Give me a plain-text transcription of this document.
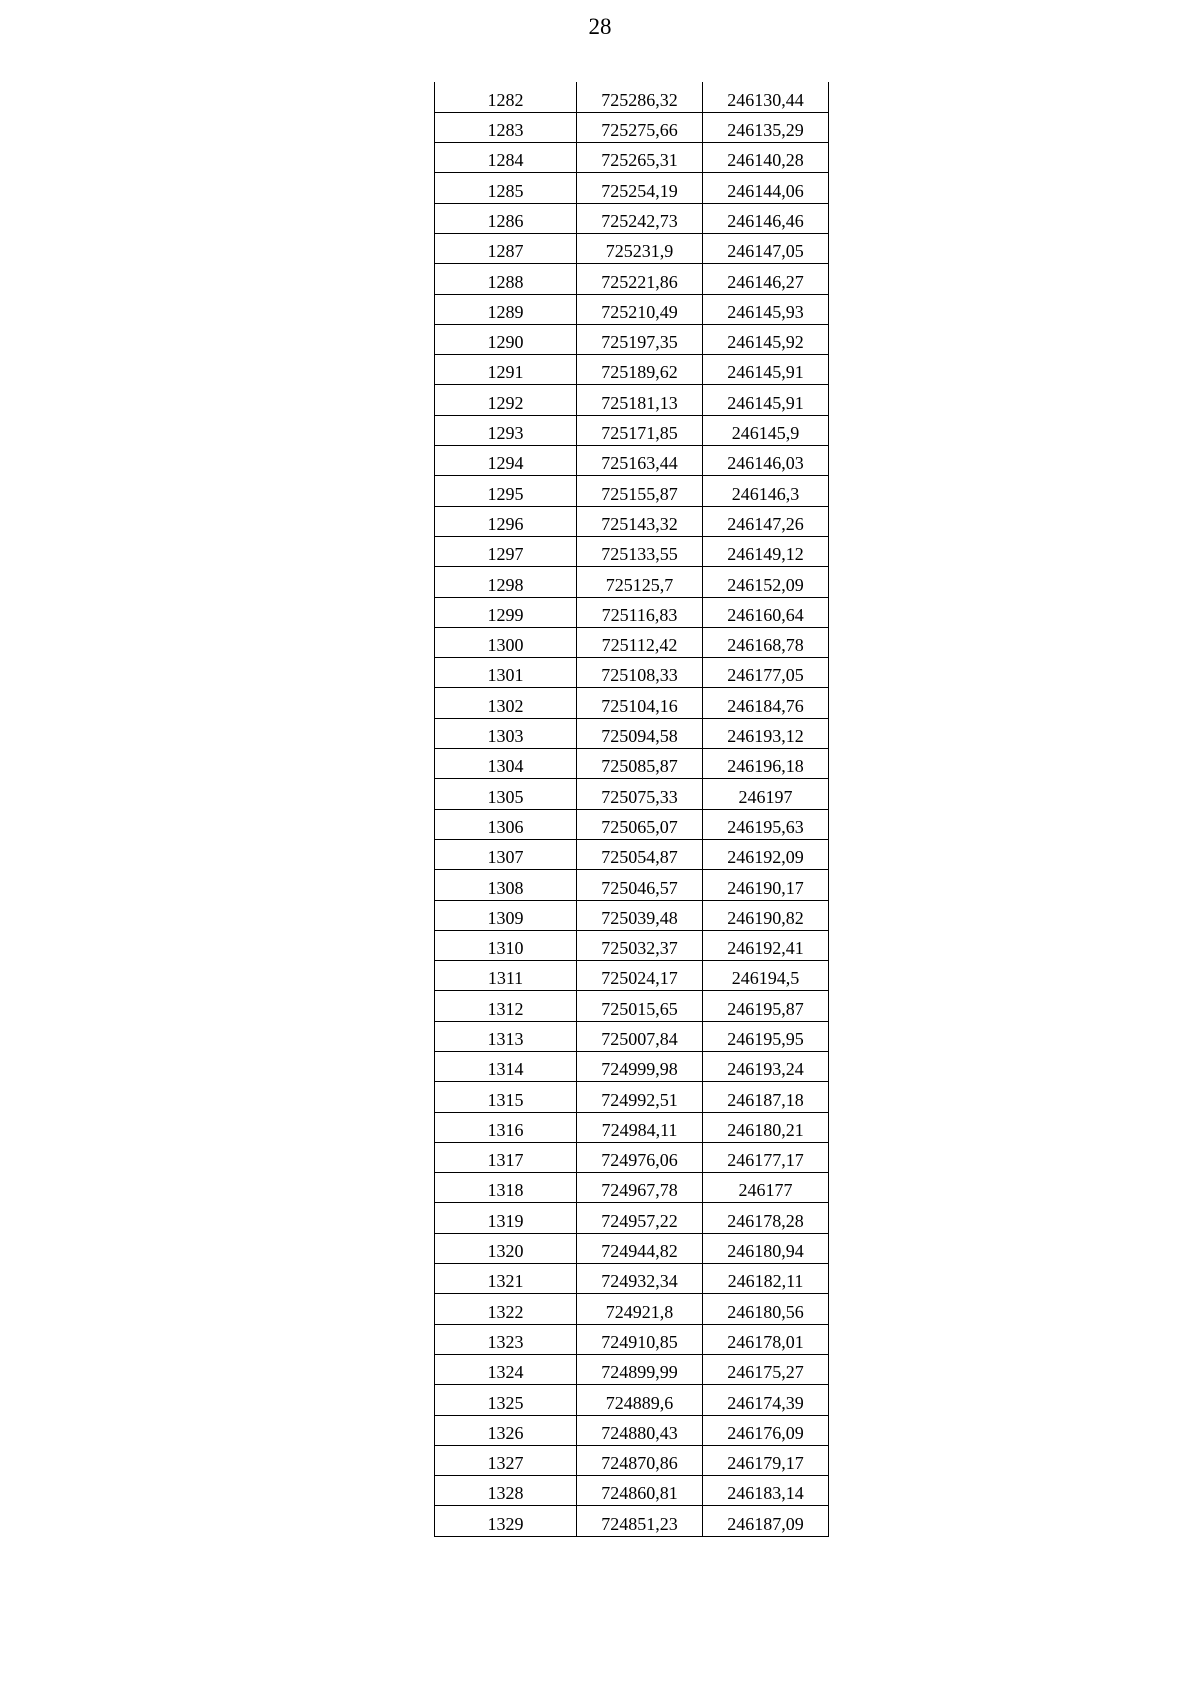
28
1282	725286,32	246130,44
1283	725275,66	246135,29
1284	725265,31	246140,28
1285	725254,19	246144,06
1286	725242,73	246146,46
1287	725231,9	246147,05
1288	725221,86	246146,27
1289	725210,49	246145,93
1290	725197,35	246145,92
1291	725189,62	246145,91
1292	725181,13	246145,91
1293	725171,85	246145,9
1294	725163,44	246146,03
1295	725155,87	246146,3
1296	725143,32	246147,26
1297	725133,55	246149,12
1298	725125,7	246152,09
1299	725116,83	246160,64
1300	725112,42	246168,78
1301	725108,33	246177,05
1302	725104,16	246184,76
1303	725094,58	246193,12
1304	725085,87	246196,18
1305	725075,33	246197
1306	725065,07	246195,63
1307	725054,87	246192,09
1308	725046,57	246190,17
1309	725039,48	246190,82
1310	725032,37	246192,41
1311	725024,17	246194,5
1312	725015,65	246195,87
1313	725007,84	246195,95
1314	724999,98	246193,24
1315	724992,51	246187,18
1316	724984,11	246180,21
1317	724976,06	246177,17
1318	724967,78	246177
1319	724957,22	246178,28
1320	724944,82	246180,94
1321	724932,34	246182,11
1322	724921,8	246180,56
1323	724910,85	246178,01
1324	724899,99	246175,27
1325	724889,6	246174,39
1326	724880,43	246176,09
1327	724870,86	246179,17
1328	724860,81	246183,14
1329	724851,23	246187,09
